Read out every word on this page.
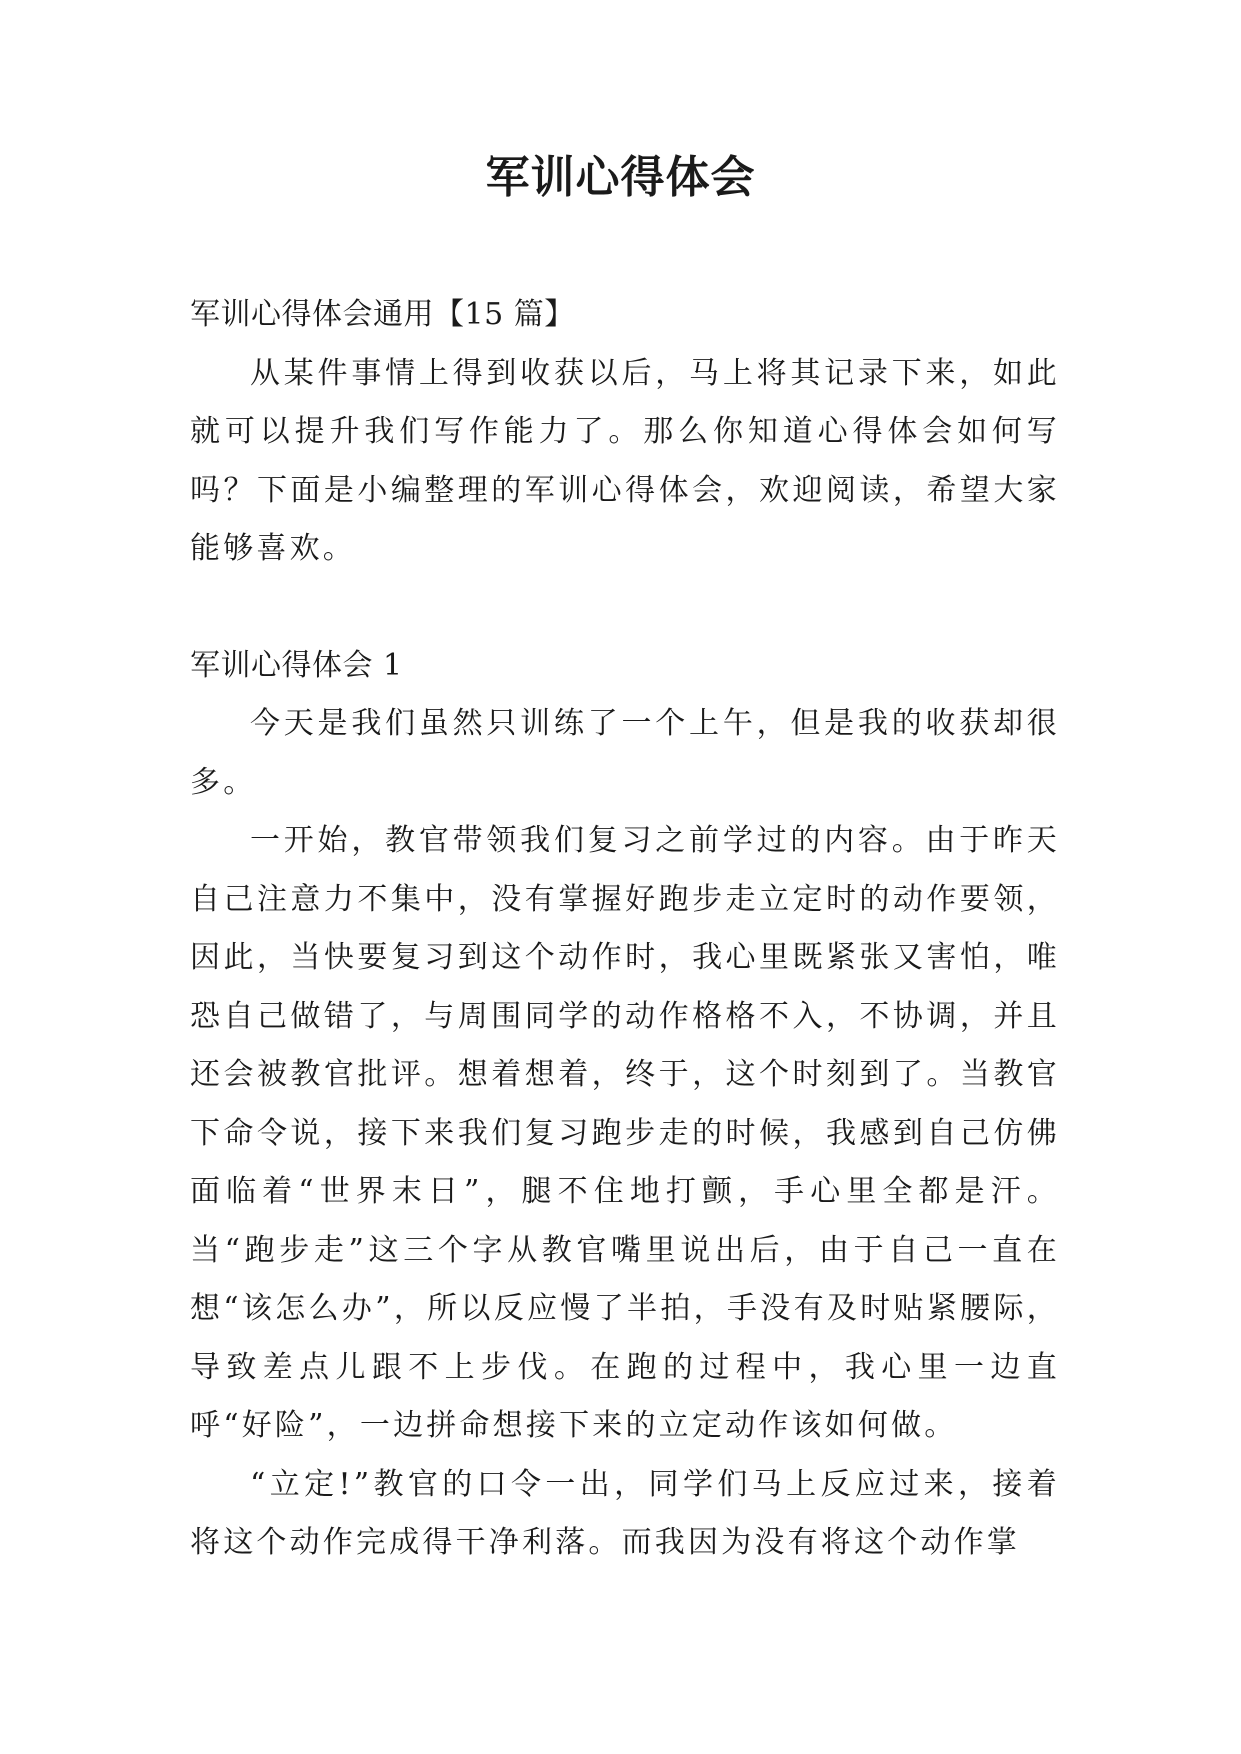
军训心得体会

军训心得体会通用【15 篇】

从某件事情上得到收获以后，马上将其记录下来，如此就可以提升我们写作能力了。那么你知道心得体会如何写吗？下面是小编整理的军训心得体会，欢迎阅读，希望大家能够喜欢。

军训心得体会 1

今天是我们虽然只训练了一个上午，但是我的收获却很多。

一开始，教官带领我们复习之前学过的内容。由于昨天自己注意力不集中，没有掌握好跑步走立定时的动作要领，因此，当快要复习到这个动作时，我心里既紧张又害怕，唯恐自己做错了，与周围同学的动作格格不入，不协调，并且还会被教官批评。想着想着，终于，这个时刻到了。当教官下命令说，接下来我们复习跑步走的时候，我感到自己仿佛面临着“世界末日”，腿不住地打颤，手心里全都是汗。当“跑步走”这三个字从教官嘴里说出后，由于自己一直在想“该怎么办”，所以反应慢了半拍，手没有及时贴紧腰际，导致差点儿跟不上步伐。在跑的过程中，我心里一边直呼“好险”，一边拼命想接下来的立定动作该如何做。

“立定!”教官的口令一出，同学们马上反应过来，接着将这个动作完成得干净利落。而我因为没有将这个动作掌
